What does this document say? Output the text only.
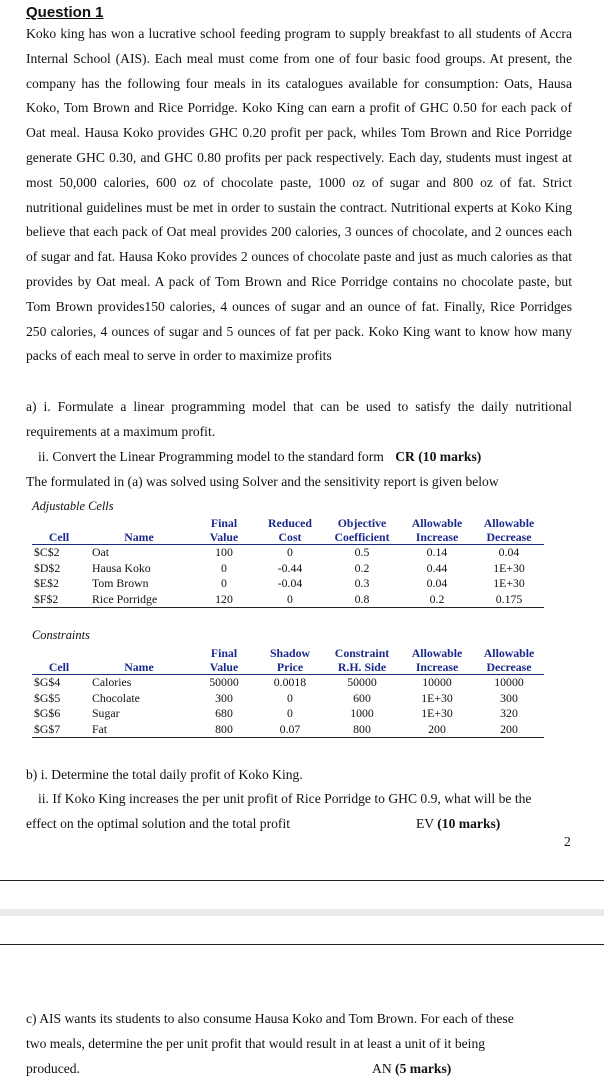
Question 1
Koko king has won a lucrative school feeding program to supply breakfast to all students of Accra Internal School (AIS). Each meal must come from one of four basic food groups. At present, the company has the following four meals in its catalogues available for consumption: Oats, Hausa Koko, Tom Brown and Rice Porridge. Koko King can earn a profit of GHC 0.50 for each pack of Oat meal. Hausa Koko provides GHC 0.20 profit per pack, whiles Tom Brown and Rice Porridge generate GHC 0.30, and GHC 0.80 profits per pack respectively. Each day, students must ingest at most 50,000 calories, 600 oz of chocolate paste, 1000 oz of sugar and 800 oz of fat. Strict nutritional guidelines must be met in order to sustain the contract. Nutritional experts at Koko King believe that each pack of Oat meal provides 200 calories, 3 ounces of chocolate, and 2 ounces each of sugar and fat. Hausa Koko provides 2 ounces of chocolate paste and just as much calories as that provides by Oat meal. A pack of Tom Brown and Rice Porridge contains no chocolate paste, but Tom Brown provides150 calories, 4 ounces of sugar and an ounce of fat. Finally, Rice Porridges 250 calories, 4 ounces of sugar and 5 ounces of fat per pack. Koko King want to know how many packs of each meal to serve in order to maximize profits
a) i. Formulate a linear programming model that can be used to satisfy the daily nutritional requirements at a maximum profit.
ii. Convert the Linear Programming model to the standard form CR (10 marks)
The formulated in (a) was solved using Solver and the sensitivity report is given below
Adjustable Cells
		Final	Reduced	Objective	Allowable	Allowable
Cell	Name	Value	Cost	Coefficient	Increase	Decrease
$C$2	Oat	100	0	0.5	0.14	0.04
$D$2	Hausa Koko	0	-0.44	0.2	0.44	1E+30
$E$2	Tom Brown	0	-0.04	0.3	0.04	1E+30
$F$2	Rice Porridge	120	0	0.8	0.2	0.175
Constraints
		Final	Shadow	Constraint	Allowable	Allowable
Cell	Name	Value	Price	R.H. Side	Increase	Decrease
$G$4	Calories	50000	0.0018	50000	10000	10000
$G$5	Chocolate	300	0	600	1E+30	300
$G$6	Sugar	680	0	1000	1E+30	320
$G$7	Fat	800	0.07	800	200	200
b) i. Determine the total daily profit of Koko King.
ii. If Koko King increases the per unit profit of Rice Porridge to GHC 0.9, what will be the
effect on the optimal solution and the total profit	EV (10 marks)
2
c) AIS wants its students to also consume Hausa Koko and Tom Brown. For each of these
two meals, determine the per unit profit that would result in at least a unit of it being
produced.	AN (5 marks)
